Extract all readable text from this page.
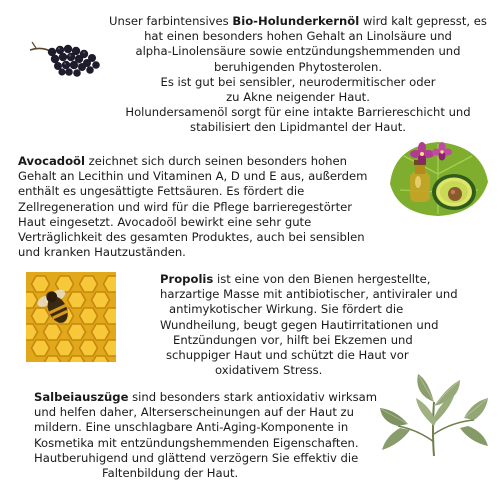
Unser farbintensives Bio-Holunderkernöl wird kalt gepresst, es

hat einen besonders hohen Gehalt an Linolsäure und

alpha-Linolensäure sowie entzündungshemmenden und

beruhigenden Phytosterolen.

Es ist gut bei sensibler, neurodermitischer oder

zu Akne neigender Haut.

Holundersamenöl sorgt für eine intakte Barriereschicht und

stabilisiert den Lipidmantel der Haut.

Avocadoöl zeichnet sich durch seinen besonders hohen

Gehalt an Lecithin und Vitaminen A, D und E aus, außerdem

enthält es ungesättigte Fettsäuren. Es fördert die

Zellregeneration und wird für die Pflege barrieregestörter

Haut eingesetzt. Avocadoöl bewirkt eine sehr gute

Verträglichkeit des gesamten Produktes, auch bei sensiblen

und kranken Hautzuständen.

Propolis ist eine von den Bienen hergestellte,

harzartige Masse mit antibiotischer, antiviraler und

antimykotischer Wirkung. Sie fördert die

Wundheilung, beugt gegen Hautirritationen und

Entzündungen vor, hilft bei Ekzemen und

schuppiger Haut und schützt die Haut vor

oxidativem Stress.

Salbeiauszüge sind besonders stark antioxidativ wirksam

und helfen daher, Alterserscheinungen auf der Haut zu

mildern. Eine unschlagbare Anti-Aging-Komponente in

Kosmetika mit entzündungshemmenden Eigenschaften.

Hautberuhigend und glättend verzögern Sie effektiv die

Faltenbildung der Haut.
